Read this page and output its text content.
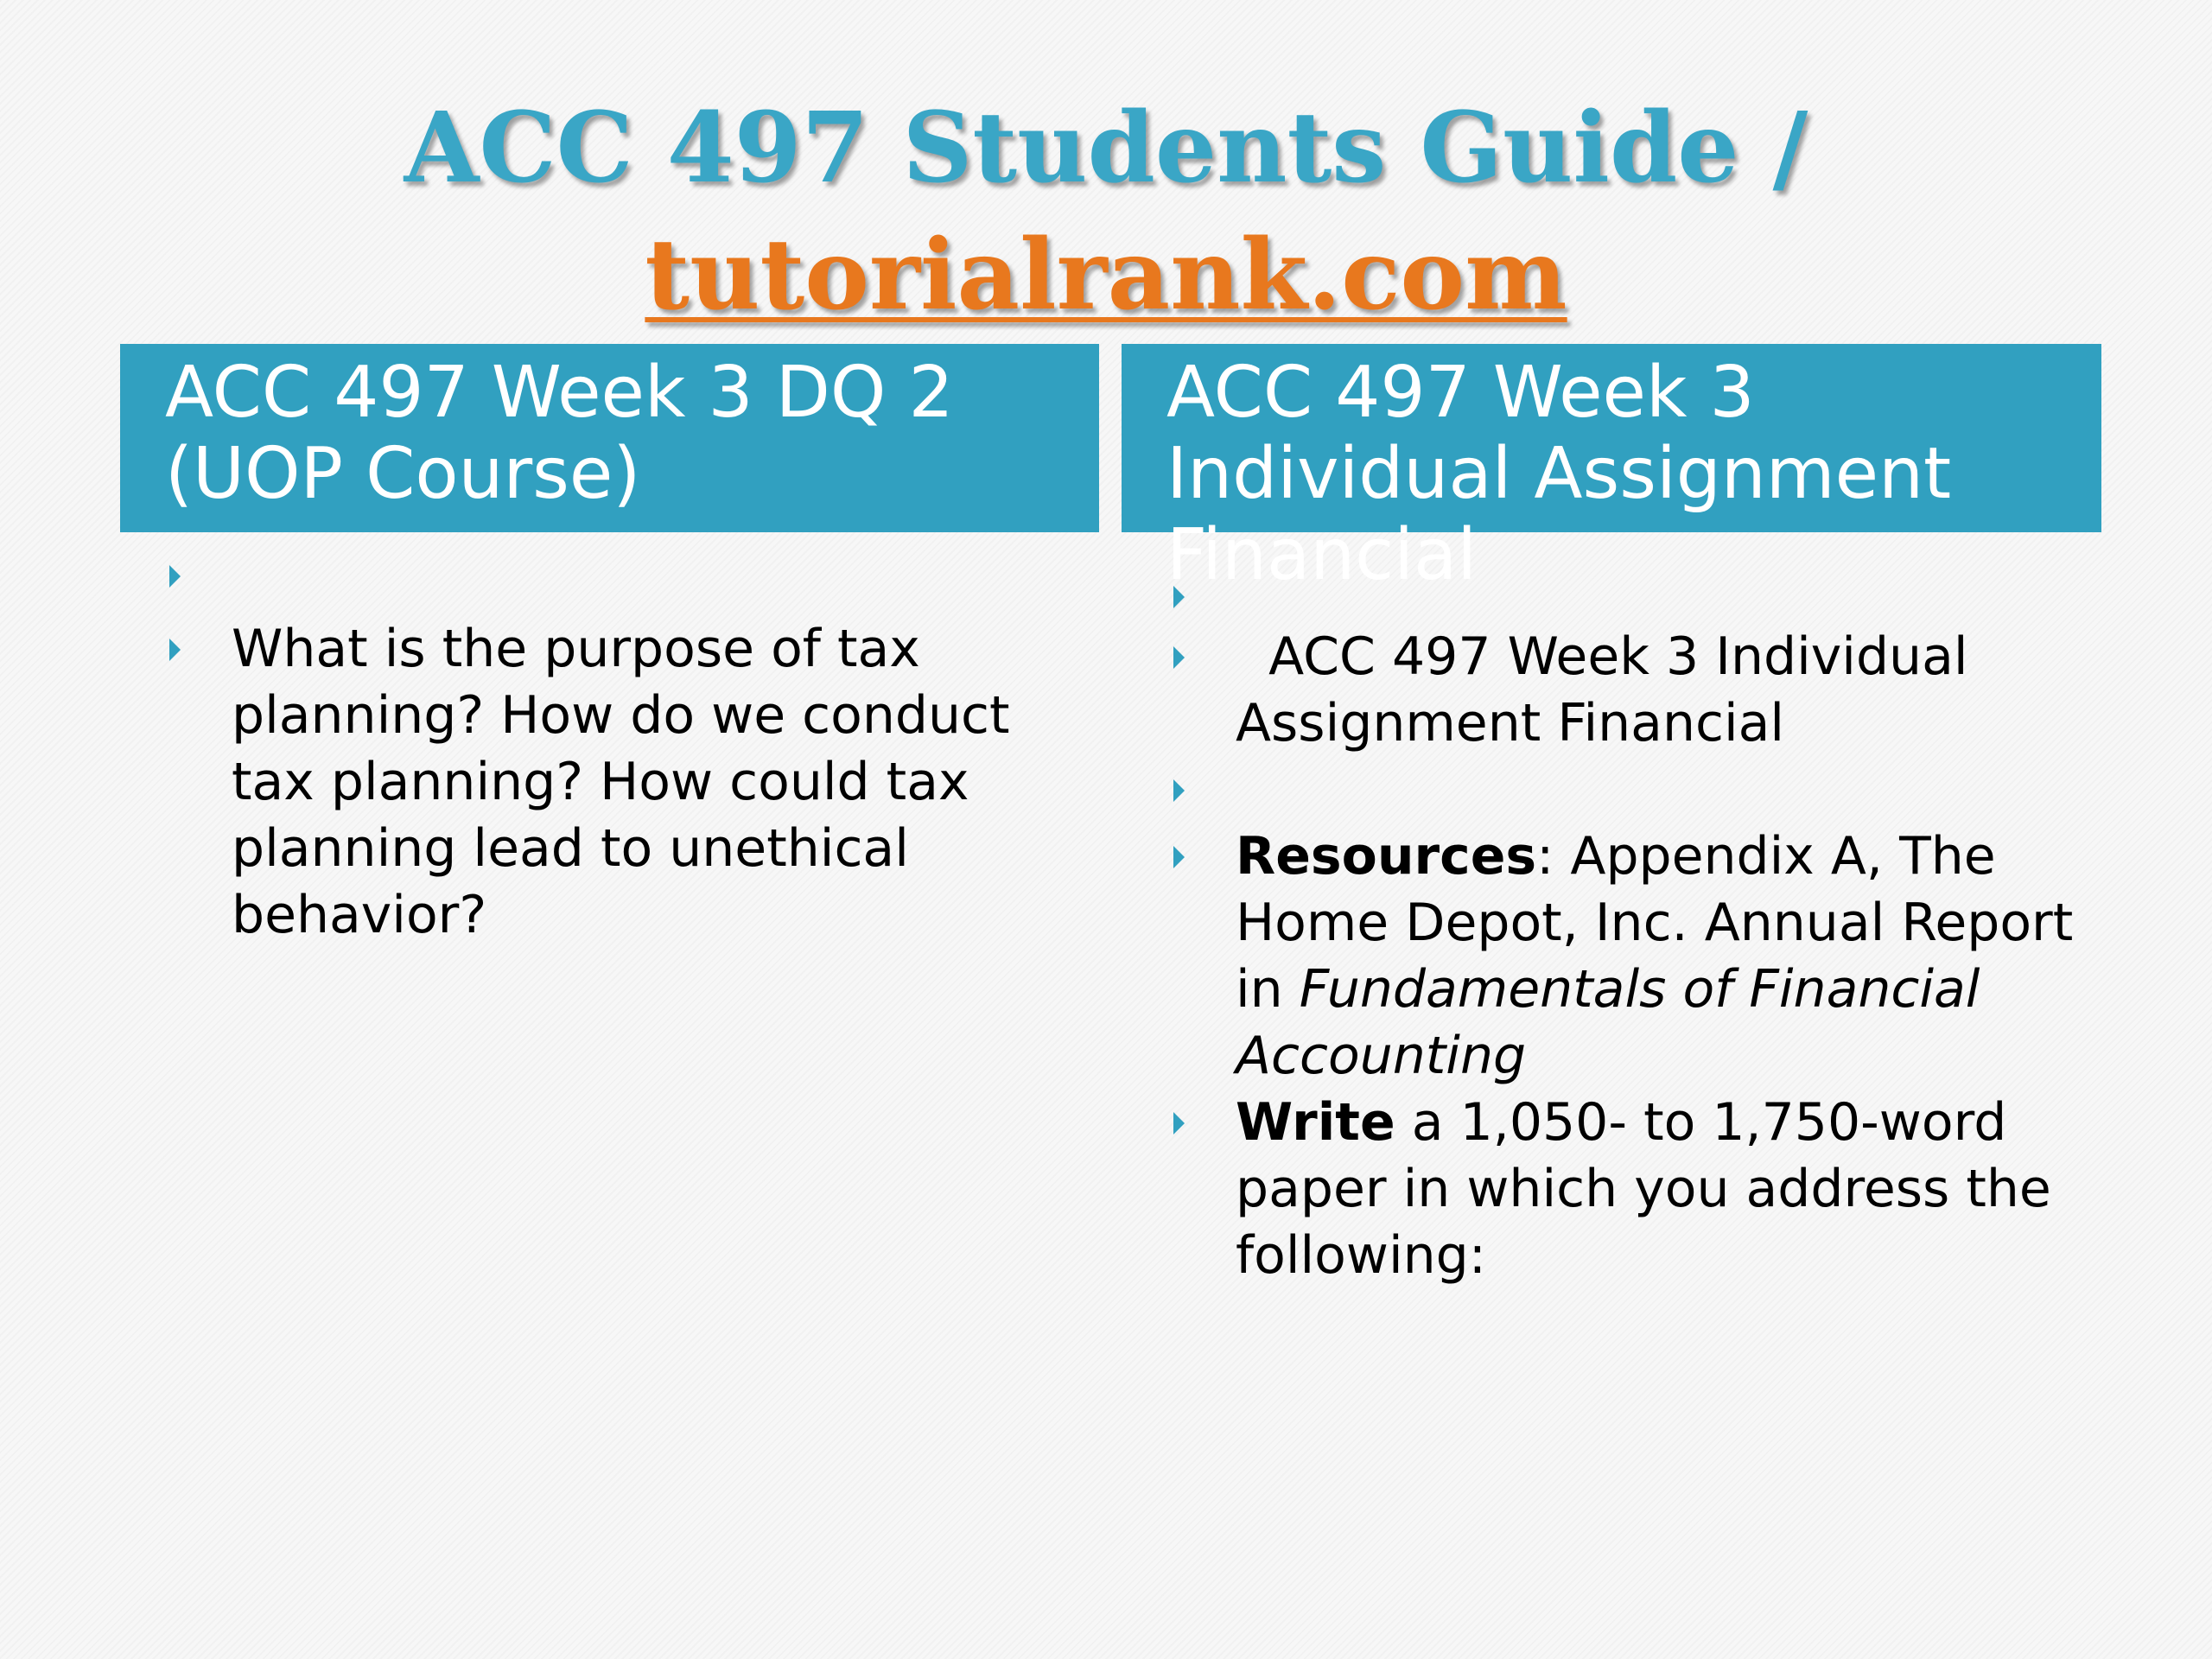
ACC 497 Students Guide /
tutorialrank.com
ACC 497 Week 3 DQ 2 (UOP Course)
ACC 497 Week 3 Individual Assignment Financial
What is the purpose of tax planning? How do we conduct tax planning? How could tax planning lead to unethical behavior?
ACC 497 Week 3 Individual Assignment Financial
Resources: Appendix A, The Home Depot, Inc. Annual Report in Fundamentals of Financial Accounting
Write a 1,050- to 1,750-word paper in which you address the following:
